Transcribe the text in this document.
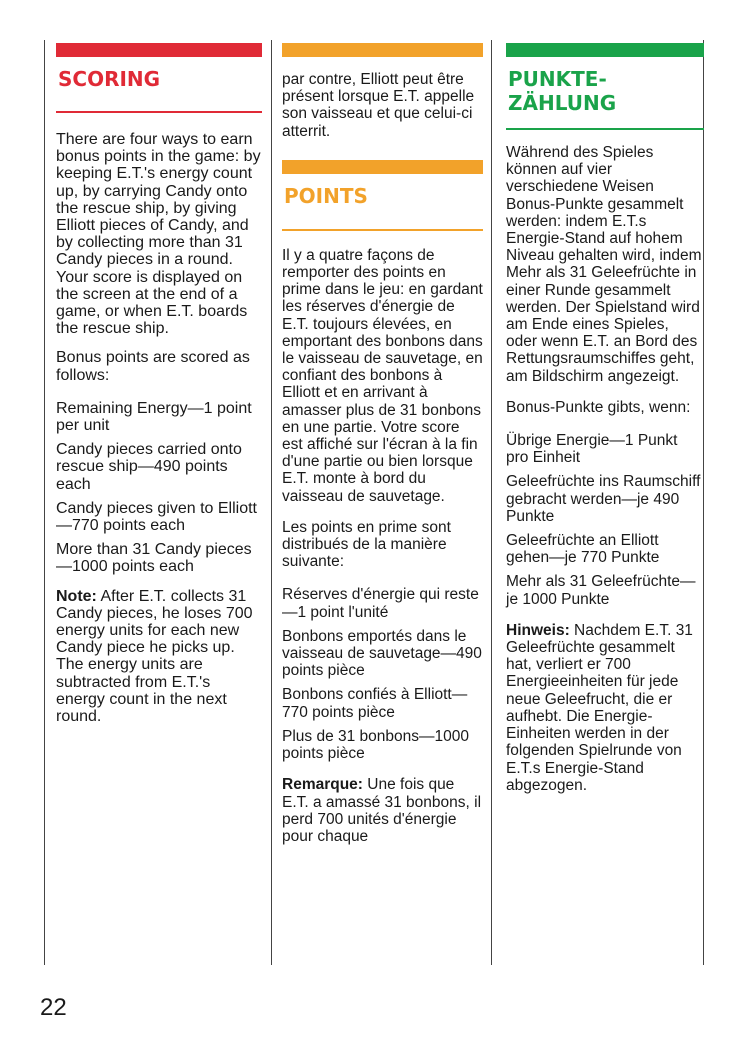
SCORING

There are four ways to earn bonus points in the game: by keeping E.T.'s energy count up, by carrying Candy onto the rescue ship, by giving Elliott pieces of Candy, and by collecting more than 31 Candy pieces in a round. Your score is displayed on the screen at the end of a game, or when E.T. boards the rescue ship.

Bonus points are scored as follows:

Remaining Energy—1 point per unit

Candy pieces carried onto rescue ship—490 points each

Candy pieces given to Elliott—770 points each

More than 31 Candy pieces—1000 points each

Note: After E.T. collects 31 Candy pieces, he loses 700 energy units for each new Candy piece he picks up. The energy units are subtracted from E.T.'s energy count in the next round.

par contre, Elliott peut être présent lorsque E.T. appelle son vaisseau et que celui-ci atterrit.

POINTS

Il y a quatre façons de remporter des points en prime dans le jeu: en gardant les réserves d'énergie de E.T. toujours élevées, en emportant des bonbons dans le vaisseau de sauvetage, en confiant des bonbons à Elliott et en arrivant à amasser plus de 31 bonbons en une partie. Votre score est affiché sur l'écran à la fin d'une partie ou bien lorsque E.T. monte à bord du vaisseau de sauvetage.

Les points en prime sont distribués de la manière suivante:

Réserves d'énergie qui reste—1 point l'unité

Bonbons emportés dans le vaisseau de sauvetage—490 points pièce

Bonbons confiés à Elliott—770 points pièce

Plus de 31 bonbons—1000 points pièce

Remarque: Une fois que E.T. a amassé 31 bonbons, il perd 700 unités d'énergie pour chaque

PUNKTE-
ZÄHLUNG

Während des Spieles können auf vier verschiedene Weisen Bonus-Punkte gesammelt werden: indem E.T.s Energie-Stand auf hohem Niveau gehalten wird, indem Mehr als 31 Geleefrüchte in einer Runde gesammelt werden. Der Spielstand wird am Ende eines Spieles, oder wenn E.T. an Bord des Rettungsraumschiffes geht, am Bildschirm angezeigt.

Bonus-Punkte gibts, wenn:

Übrige Energie—1 Punkt pro Einheit

Geleefrüchte ins Raumschiff gebracht werden—je 490 Punkte

Geleefrüchte an Elliott gehen—je 770 Punkte

Mehr als 31 Geleefrüchte—je 1000 Punkte

Hinweis: Nachdem E.T. 31 Geleefrüchte gesammelt hat, verliert er 700 Energieeinheiten für jede neue Geleefrucht, die er aufhebt. Die Energie-Einheiten werden in der folgenden Spielrunde von E.T.s Energie-Stand abgezogen.

22
